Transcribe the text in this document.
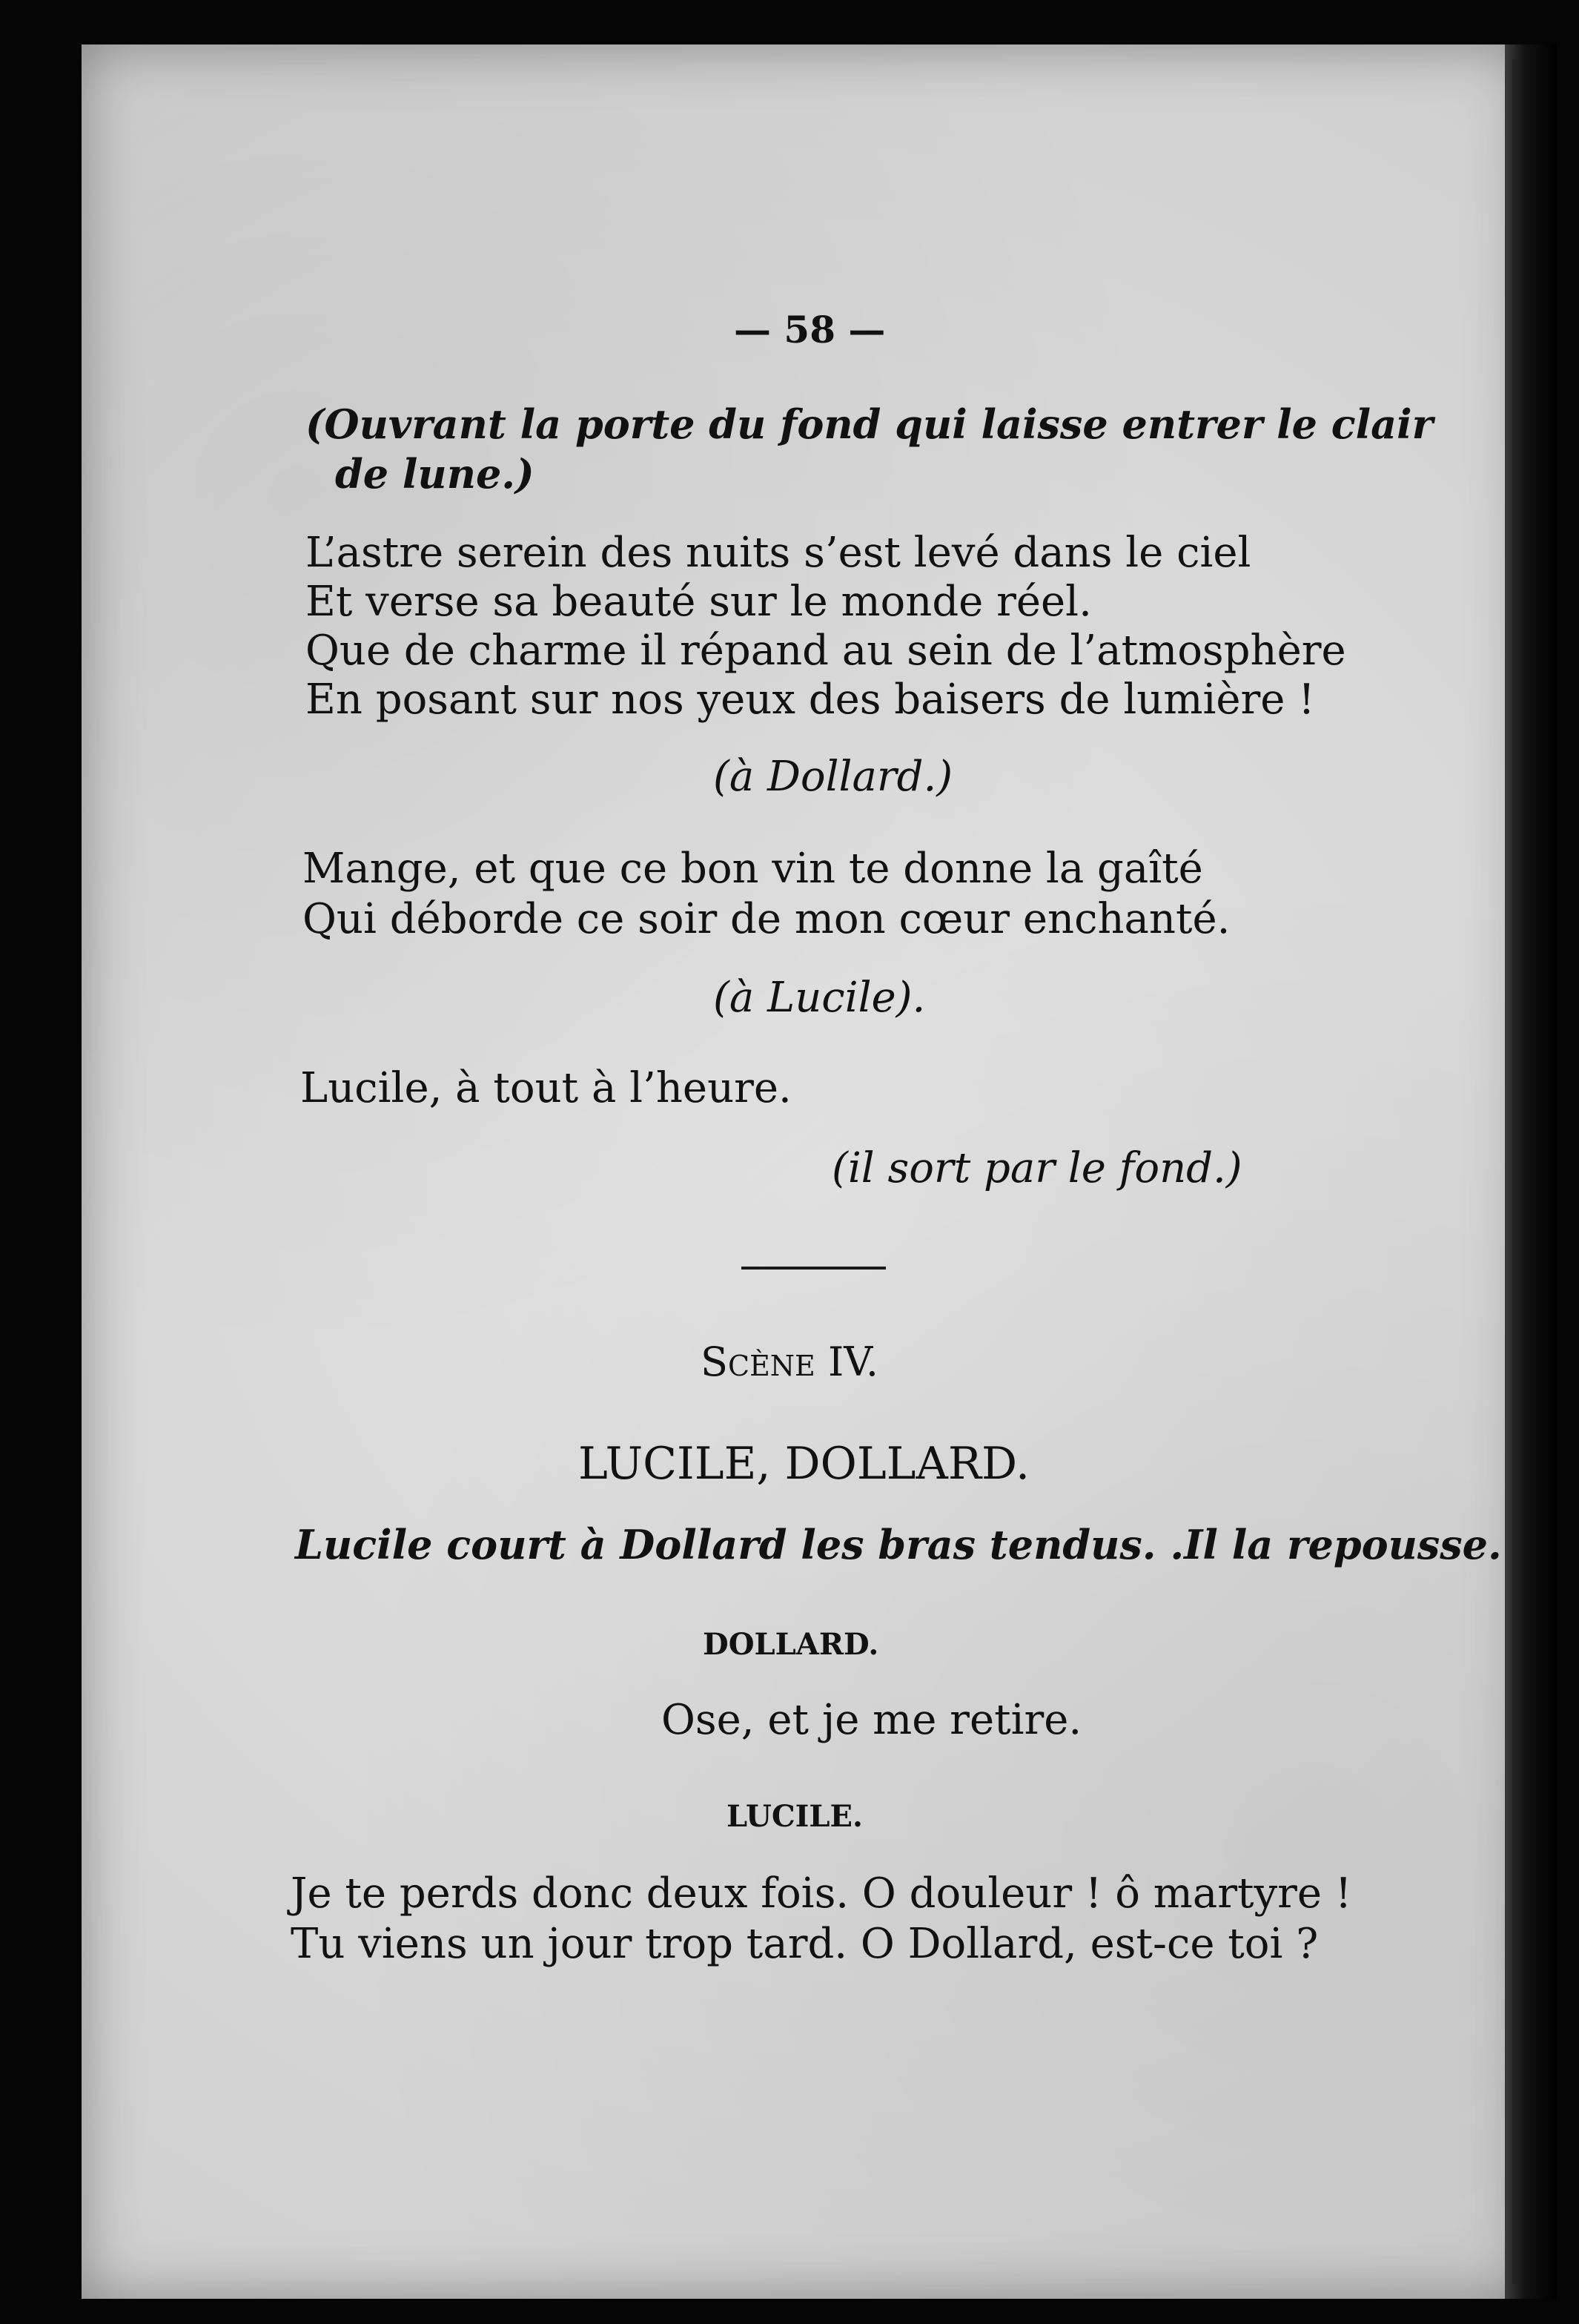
— 58 —
(Ouvrant la porte du fond qui laisse entrer le clair
de lune.)
L’astre serein des nuits s’est levé dans le ciel
Et verse sa beauté sur le monde réel.
Que de charme il répand au sein de l’atmosphère
En posant sur nos yeux des baisers de lumière !
(à Dollard.)
Mange, et que ce bon vin te donne la gaîté
Qui déborde ce soir de mon cœur enchanté.
(à Lucile).
Lucile, à tout à l’heure.
(il sort par le fond.)
Scène IV.
LUCILE, DOLLARD.
Lucile court à Dollard les bras tendus. .Il la repousse.
DOLLARD.
Ose, et je me retire.
LUCILE.
Je te perds donc deux fois. O douleur ! ô martyre !
Tu viens un jour trop tard. O Dollard, est-ce toi ?
